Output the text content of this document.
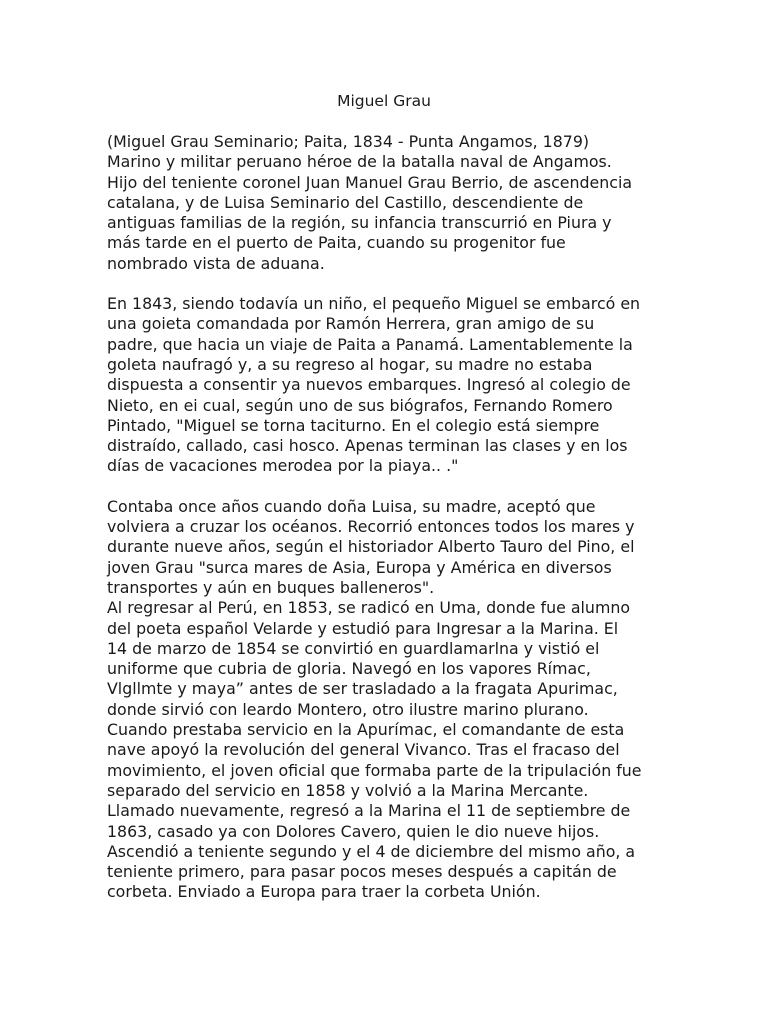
Miguel Grau

(Miguel Grau Seminario; Paita, 1834 - Punta Angamos, 1879)
Marino y militar peruano héroe de la batalla naval de Angamos.
Hijo del teniente coronel Juan Manuel Grau Berrio, de ascendencia
catalana, y de Luisa Seminario del Castillo, descendiente de
antiguas familias de la región, su infancia transcurrió en Piura y
más tarde en el puerto de Paita, cuando su progenitor fue
nombrado vista de aduana.

En 1843, siendo todavía un niño, el pequeño Miguel se embarcó en
una goieta comandada por Ramón Herrera, gran amigo de su
padre, que hacia un viaje de Paita a Panamá. Lamentablemente la
goleta naufragó y, a su regreso al hogar, su madre no estaba
dispuesta a consentir ya nuevos embarques. Ingresó al colegio de
Nieto, en ei cual, según uno de sus biógrafos, Fernando Romero
Pintado, "Miguel se torna taciturno. En el colegio está siempre
distraído, callado, casi hosco. Apenas terminan las clases y en los
días de vacaciones merodea por la piaya.. ."

Contaba once años cuando doña Luisa, su madre, aceptó que
volviera a cruzar los océanos. Recorrió entonces todos los mares y
durante nueve años, según el historiador Alberto Tauro del Pino, el
joven Grau "surca mares de Asia, Europa y América en diversos
transportes y aún en buques balleneros".

Al regresar al Perú, en 1853, se radicó en Uma, donde fue alumno
del poeta español Velarde y estudió para Ingresar a la Marina. El
14 de marzo de 1854 se convirtió en guardlamarlna y vistió el
uniforme que cubria de gloria. Navegó en los vapores Rímac,
Vlgllmte y maya” antes de ser trasladado a la fragata Apurimac,
donde sirvió con leardo Montero, otro ilustre marino plurano.
Cuando prestaba servicio en la Apurímac, el comandante de esta
nave apoyó la revolución del general Vivanco. Tras el fracaso del
movimiento, el joven oficial que formaba parte de la tripulación fue
separado del servicio en 1858 y volvió a la Marina Mercante.
Llamado nuevamente, regresó a la Marina el 11 de septiembre de
1863, casado ya con Dolores Cavero, quien le dio nueve hijos.
Ascendió a teniente segundo y el 4 de diciembre del mismo año, a
teniente primero, para pasar pocos meses después a capitán de
corbeta. Enviado a Europa para traer la corbeta Unión.
